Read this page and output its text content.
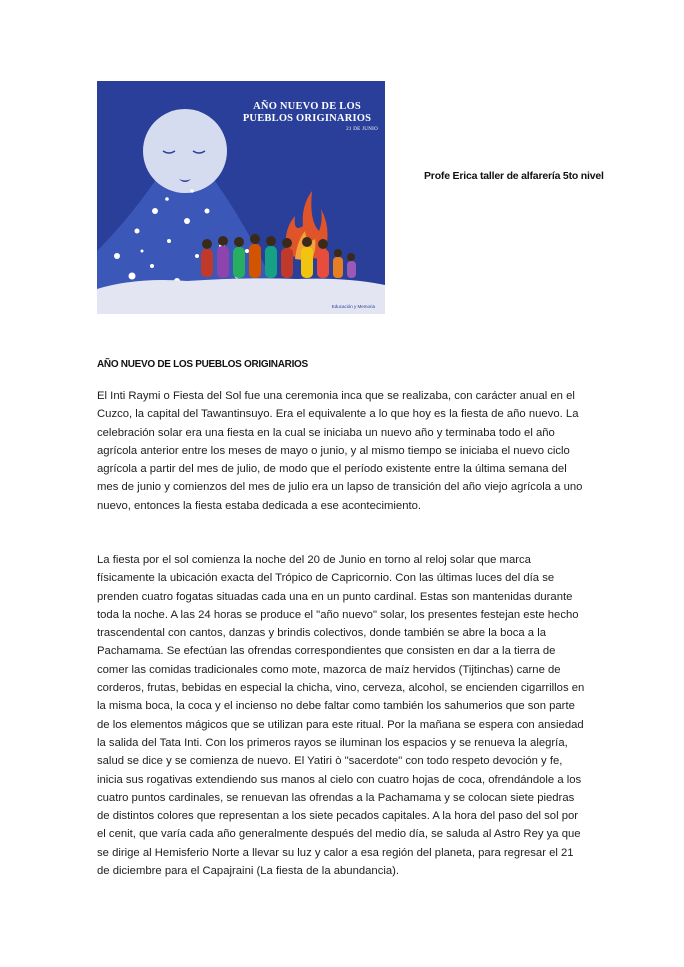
AÑO NUEVO DE LOS PUEBLOS ORIGINARIOS
21 DE JUNIO
Educación y Memoria
Profe Erica taller de alfarería 5to nivel
AÑO NUEVO DE LOS PUEBLOS ORIGINARIOS

El Inti Raymi o Fiesta del Sol fue una ceremonia inca que se realizaba, con carácter anual en el Cuzco, la capital del Tawantinsuyo. Era el equivalente a lo que hoy es la fiesta de año nuevo. La celebración solar era una fiesta en la cual se iniciaba un nuevo año y terminaba todo el año agrícola anterior entre los meses de mayo o junio, y al mismo tiempo se iniciaba el nuevo ciclo agrícola a partir del mes de julio, de modo que el período existente entre la última semana del mes de junio y comienzos del mes de julio era un lapso de transición del año viejo agrícola a uno nuevo, entonces la fiesta estaba dedicada a ese acontecimiento.

La fiesta por el sol comienza la noche del 20 de Junio en torno al reloj solar que marca físicamente la ubicación exacta del Trópico de Capricornio. Con las últimas luces del día se prenden cuatro fogatas situadas cada una en un punto cardinal. Estas son mantenidas durante toda la noche. A las 24 horas se produce el "año nuevo" solar, los presentes festejan este hecho trascendental con cantos, danzas y brindis colectivos, donde también se abre la boca a la Pachamama. Se efectúan las ofrendas correspondientes que consisten en dar a la tierra de comer las comidas tradicionales como mote, mazorca de maíz hervidos (Tijtinchas) carne de corderos, frutas, bebidas en especial la chicha, vino, cerveza, alcohol, se encienden cigarrillos en la misma boca, la coca y el incienso no debe faltar como también los sahumerios que son parte de los elementos mágicos que se utilizan para este ritual. Por la mañana se espera con ansiedad la salida del Tata Inti. Con los primeros rayos se iluminan los espacios y se renueva la alegría, salud se dice y se comienza de nuevo. El Yatiri ò "sacerdote" con todo respeto devoción y fe, inicia sus rogativas extendiendo sus manos al cielo con cuatro hojas de coca, ofrendándole a los cuatro puntos cardinales, se renuevan las ofrendas a la Pachamama y se colocan siete piedras de distintos colores que representan a los siete pecados capitales. A la hora del paso del sol por el cenit, que varía cada año generalmente después del medio día, se saluda al Astro Rey ya que se dirige al Hemisferio Norte a llevar su luz y calor a esa región del planeta, para regresar el 21 de diciembre para el Capajraini (La fiesta de la abundancia).
